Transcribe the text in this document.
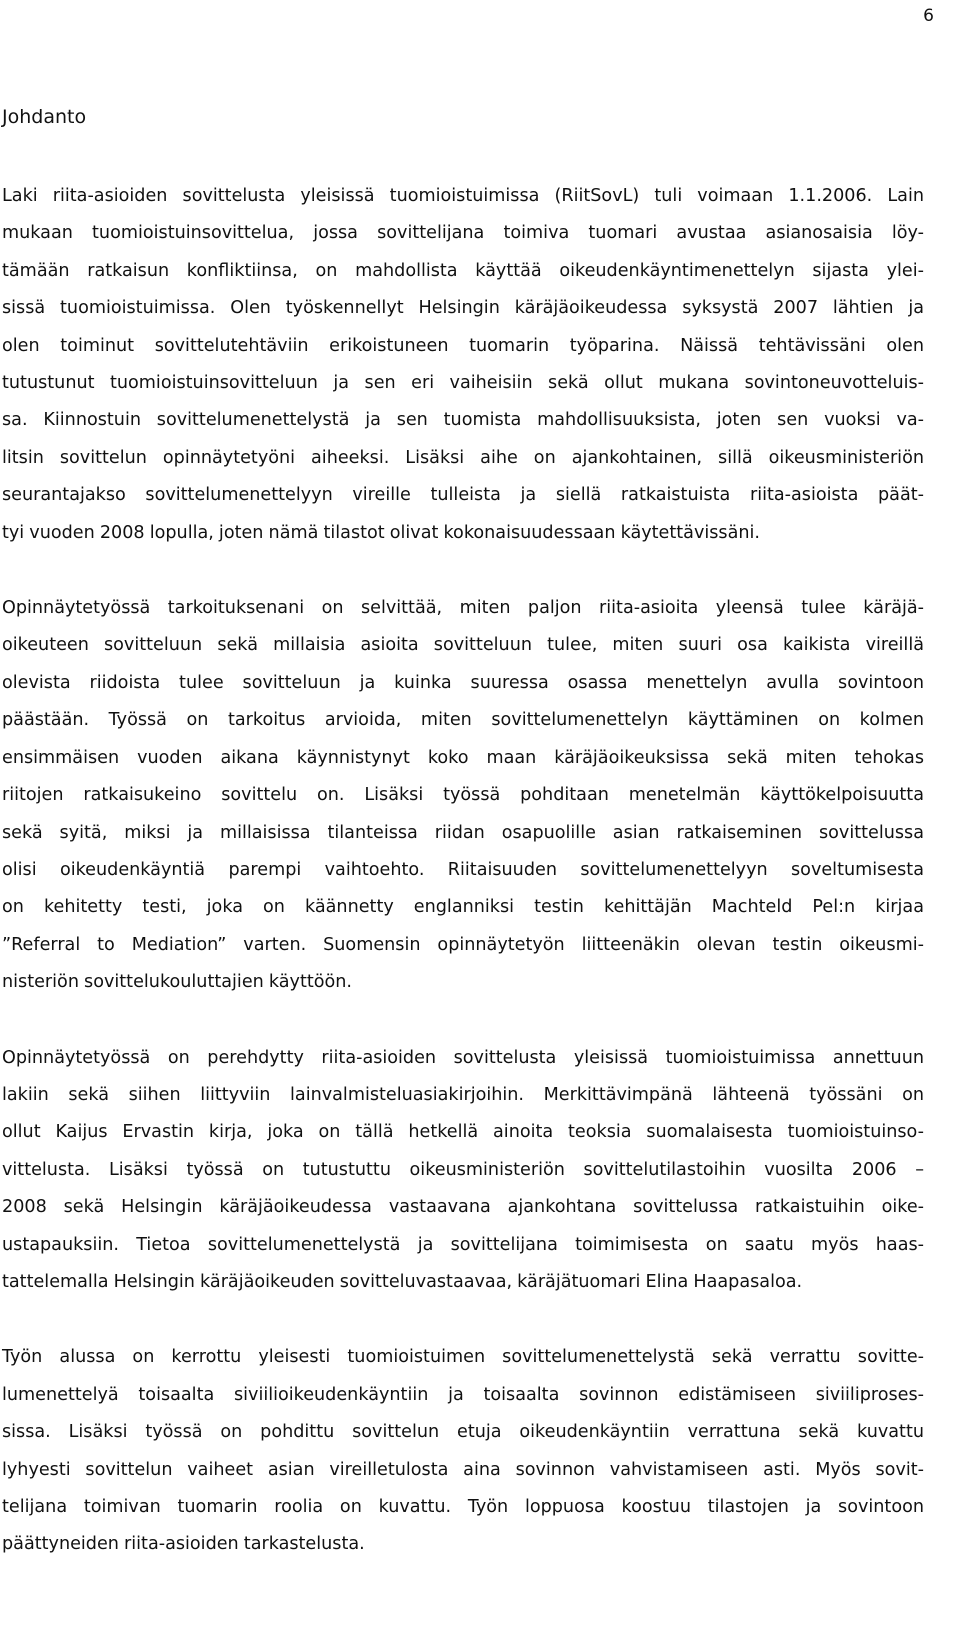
6
Johdanto
Laki riita-asioiden sovittelusta yleisissä tuomioistuimissa (RiitSovL) tuli voimaan 1.1.2006. Lain
mukaan tuomioistuinsovittelua, jossa sovittelijana toimiva tuomari avustaa asianosaisia löy-
tämään ratkaisun konfliktiinsa, on mahdollista käyttää oikeudenkäyntimenettelyn sijasta ylei-
sissä tuomioistuimissa. Olen työskennellyt Helsingin käräjäoikeudessa syksystä 2007 lähtien ja
olen toiminut sovittelutehtäviin erikoistuneen tuomarin työparina. Näissä tehtävissäni olen
tutustunut tuomioistuinsovitteluun ja sen eri vaiheisiin sekä ollut mukana sovintoneuvotteluis-
sa. Kiinnostuin sovittelumenettelystä ja sen tuomista mahdollisuuksista, joten sen vuoksi va-
litsin sovittelun opinnäytetyöni aiheeksi. Lisäksi aihe on ajankohtainen, sillä oikeusministeriön
seurantajakso sovittelumenettelyyn vireille tulleista ja siellä ratkaistuista riita-asioista päät-
tyi vuoden 2008 lopulla, joten nämä tilastot olivat kokonaisuudessaan käytettävissäni.
Opinnäytetyössä tarkoituksenani on selvittää, miten paljon riita-asioita yleensä tulee käräjä-
oikeuteen sovitteluun sekä millaisia asioita sovitteluun tulee, miten suuri osa kaikista vireillä
olevista riidoista tulee sovitteluun ja kuinka suuressa osassa menettelyn avulla sovintoon
päästään. Työssä on tarkoitus arvioida, miten sovittelumenettelyn käyttäminen on kolmen
ensimmäisen vuoden aikana käynnistynyt koko maan käräjäoikeuksissa sekä miten tehokas
riitojen ratkaisukeino sovittelu on. Lisäksi työssä pohditaan menetelmän käyttökelpoisuutta
sekä syitä, miksi ja millaisissa tilanteissa riidan osapuolille asian ratkaiseminen sovittelussa
olisi oikeudenkäyntiä parempi vaihtoehto. Riitaisuuden sovittelumenettelyyn soveltumisesta
on kehitetty testi, joka on käännetty englanniksi testin kehittäjän Machteld Pel:n kirjaa
”Referral to Mediation” varten. Suomensin opinnäytetyön liitteenäkin olevan testin oikeusmi-
nisteriön sovittelukouluttajien käyttöön.
Opinnäytetyössä on perehdytty riita-asioiden sovittelusta yleisissä tuomioistuimissa annettuun
lakiin sekä siihen liittyviin lainvalmisteluasiakirjoihin. Merkittävimpänä lähteenä työssäni on
ollut Kaijus Ervastin kirja, joka on tällä hetkellä ainoita teoksia suomalaisesta tuomioistuinso-
vittelusta. Lisäksi työssä on tutustuttu oikeusministeriön sovittelutilastoihin vuosilta 2006 –
2008 sekä Helsingin käräjäoikeudessa vastaavana ajankohtana sovittelussa ratkaistuihin oike-
ustapauksiin. Tietoa sovittelumenettelystä ja sovittelijana toimimisesta on saatu myös haas-
tattelemalla Helsingin käräjäoikeuden sovitteluvastaavaa, käräjätuomari Elina Haapasaloa.
Työn alussa on kerrottu yleisesti tuomioistuimen sovittelumenettelystä sekä verrattu sovitte-
lumenettelyä toisaalta siviilioikeudenkäyntiin ja toisaalta sovinnon edistämiseen siviiliproses-
sissa. Lisäksi työssä on pohdittu sovittelun etuja oikeudenkäyntiin verrattuna sekä kuvattu
lyhyesti sovittelun vaiheet asian vireilletulosta aina sovinnon vahvistamiseen asti. Myös sovit-
telijana toimivan tuomarin roolia on kuvattu. Työn loppuosa koostuu tilastojen ja sovintoon
päättyneiden riita-asioiden tarkastelusta.
